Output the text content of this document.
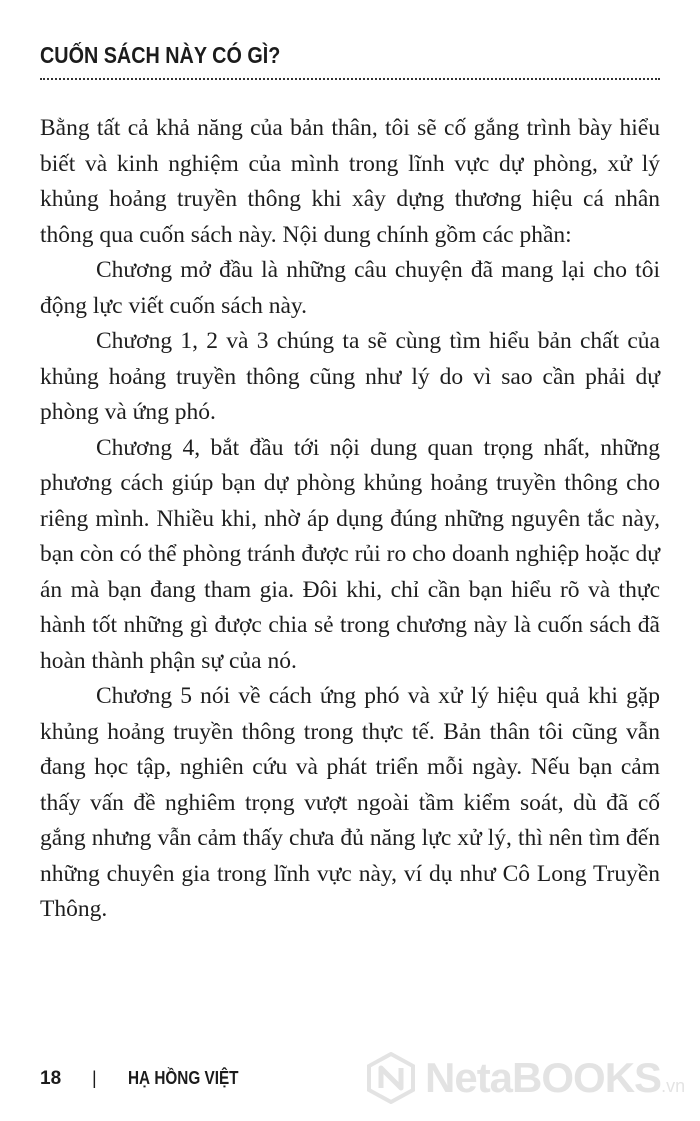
CUỐN SÁCH NÀY CÓ GÌ?

Bằng tất cả khả năng của bản thân, tôi sẽ cố gắng trình bày hiểu biết và kinh nghiệm của mình trong lĩnh vực dự phòng, xử lý khủng hoảng truyền thông khi xây dựng thương hiệu cá nhân thông qua cuốn sách này. Nội dung chính gồm các phần:

Chương mở đầu là những câu chuyện đã mang lại cho tôi động lực viết cuốn sách này.

Chương 1, 2 và 3 chúng ta sẽ cùng tìm hiểu bản chất của khủng hoảng truyền thông cũng như lý do vì sao cần phải dự phòng và ứng phó.

Chương 4, bắt đầu tới nội dung quan trọng nhất, những phương cách giúp bạn dự phòng khủng hoảng truyền thông cho riêng mình. Nhiều khi, nhờ áp dụng đúng những nguyên tắc này, bạn còn có thể phòng tránh được rủi ro cho doanh nghiệp hoặc dự án mà bạn đang tham gia. Đôi khi, chỉ cần bạn hiểu rõ và thực hành tốt những gì được chia sẻ trong chương này là cuốn sách đã hoàn thành phận sự của nó.

Chương 5 nói về cách ứng phó và xử lý hiệu quả khi gặp khủng hoảng truyền thông trong thực tế. Bản thân tôi cũng vẫn đang học tập, nghiên cứu và phát triển mỗi ngày. Nếu bạn cảm thấy vấn đề nghiêm trọng vượt ngoài tầm kiểm soát, dù đã cố gắng nhưng vẫn cảm thấy chưa đủ năng lực xử lý, thì nên tìm đến những chuyên gia trong lĩnh vực này, ví dụ như Cô Long Truyền Thông.

18 | HẠ HỒNG VIỆT	NetaBOOKS.vn
